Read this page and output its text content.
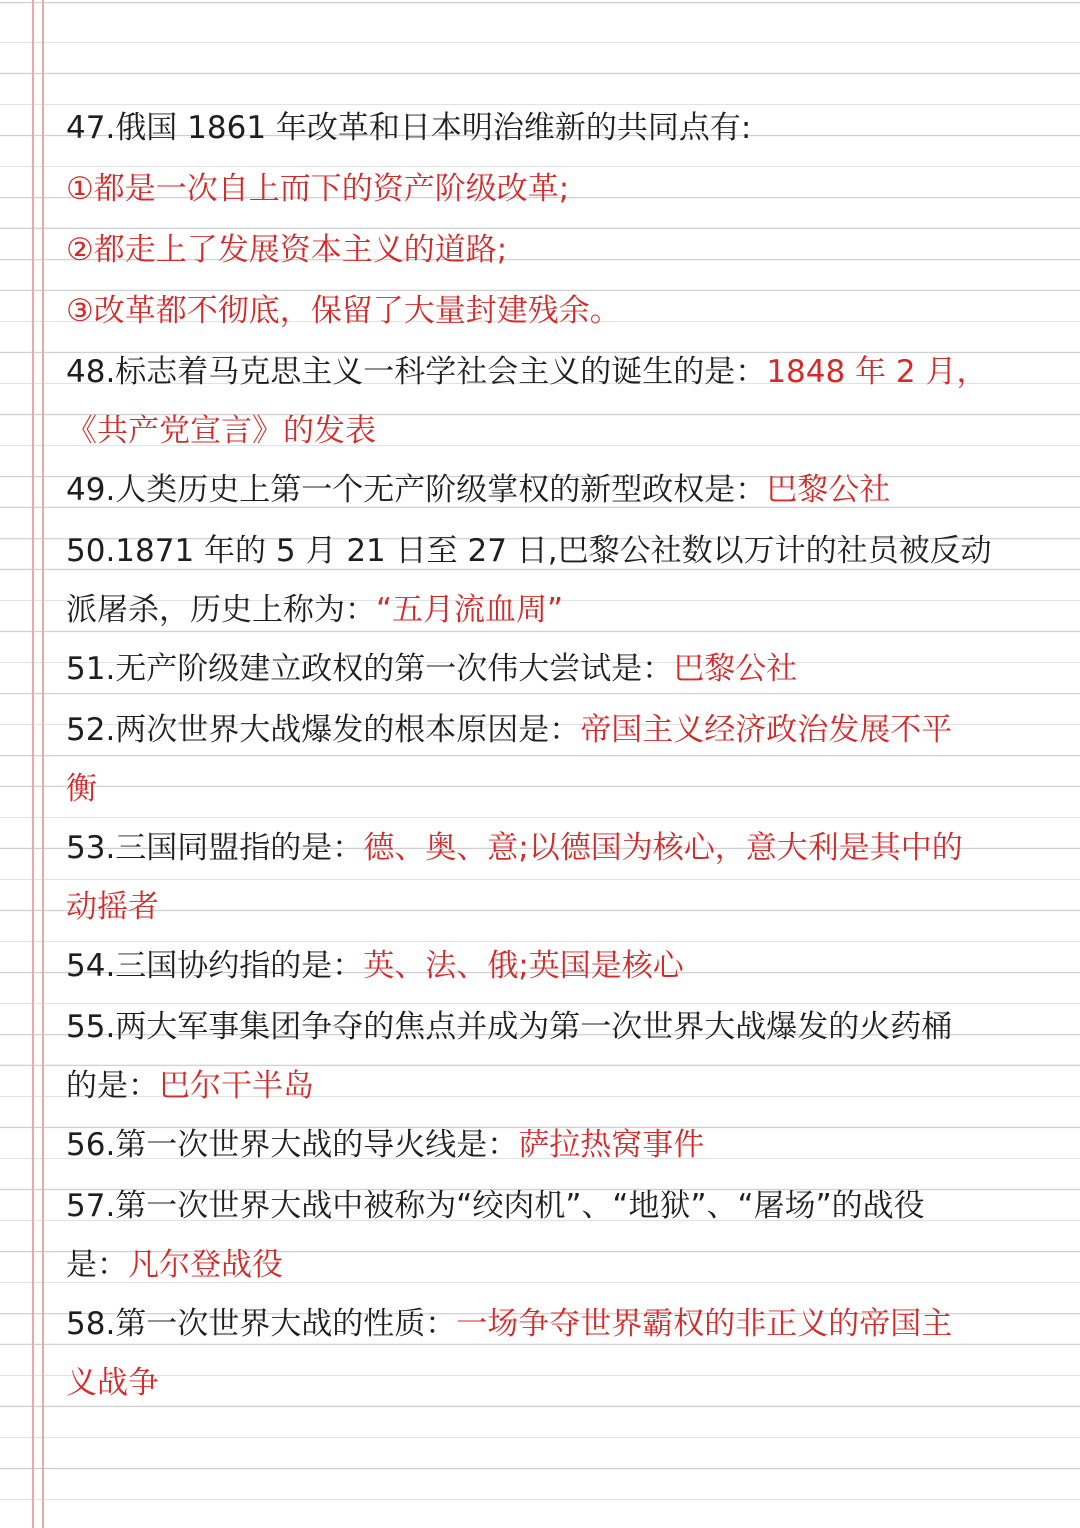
47.俄国 1861 年改革和日本明治维新的共同点有:
①都是一次自上而下的资产阶级改革;
②都走上了发展资本主义的道路;
③改革都不彻底，保留了大量封建残余。
48.标志着马克思主义一科学社会主义的诞生的是：1848 年 2 月，
《共产党宣言》的发表
49.人类历史上第一个无产阶级掌权的新型政权是：巴黎公社
50.1871 年的 5 月 21 日至 27 日,巴黎公社数以万计的社员被反动
派屠杀，历史上称为：“五月流血周”
51.无产阶级建立政权的第一次伟大尝试是：巴黎公社
52.两次世界大战爆发的根本原因是：帝国主义经济政治发展不平
衡
53.三国同盟指的是：德、奥、意;以德国为核心，意大利是其中的
动摇者
54.三国协约指的是：英、法、俄;英国是核心
55.两大军事集团争夺的焦点并成为第一次世界大战爆发的火药桶
的是：巴尔干半岛
56.第一次世界大战的导火线是：萨拉热窝事件
57.第一次世界大战中被称为“绞肉机”、“地狱”、“屠场”的战役
是：凡尔登战役
58.第一次世界大战的性质：一场争夺世界霸权的非正义的帝国主
义战争
